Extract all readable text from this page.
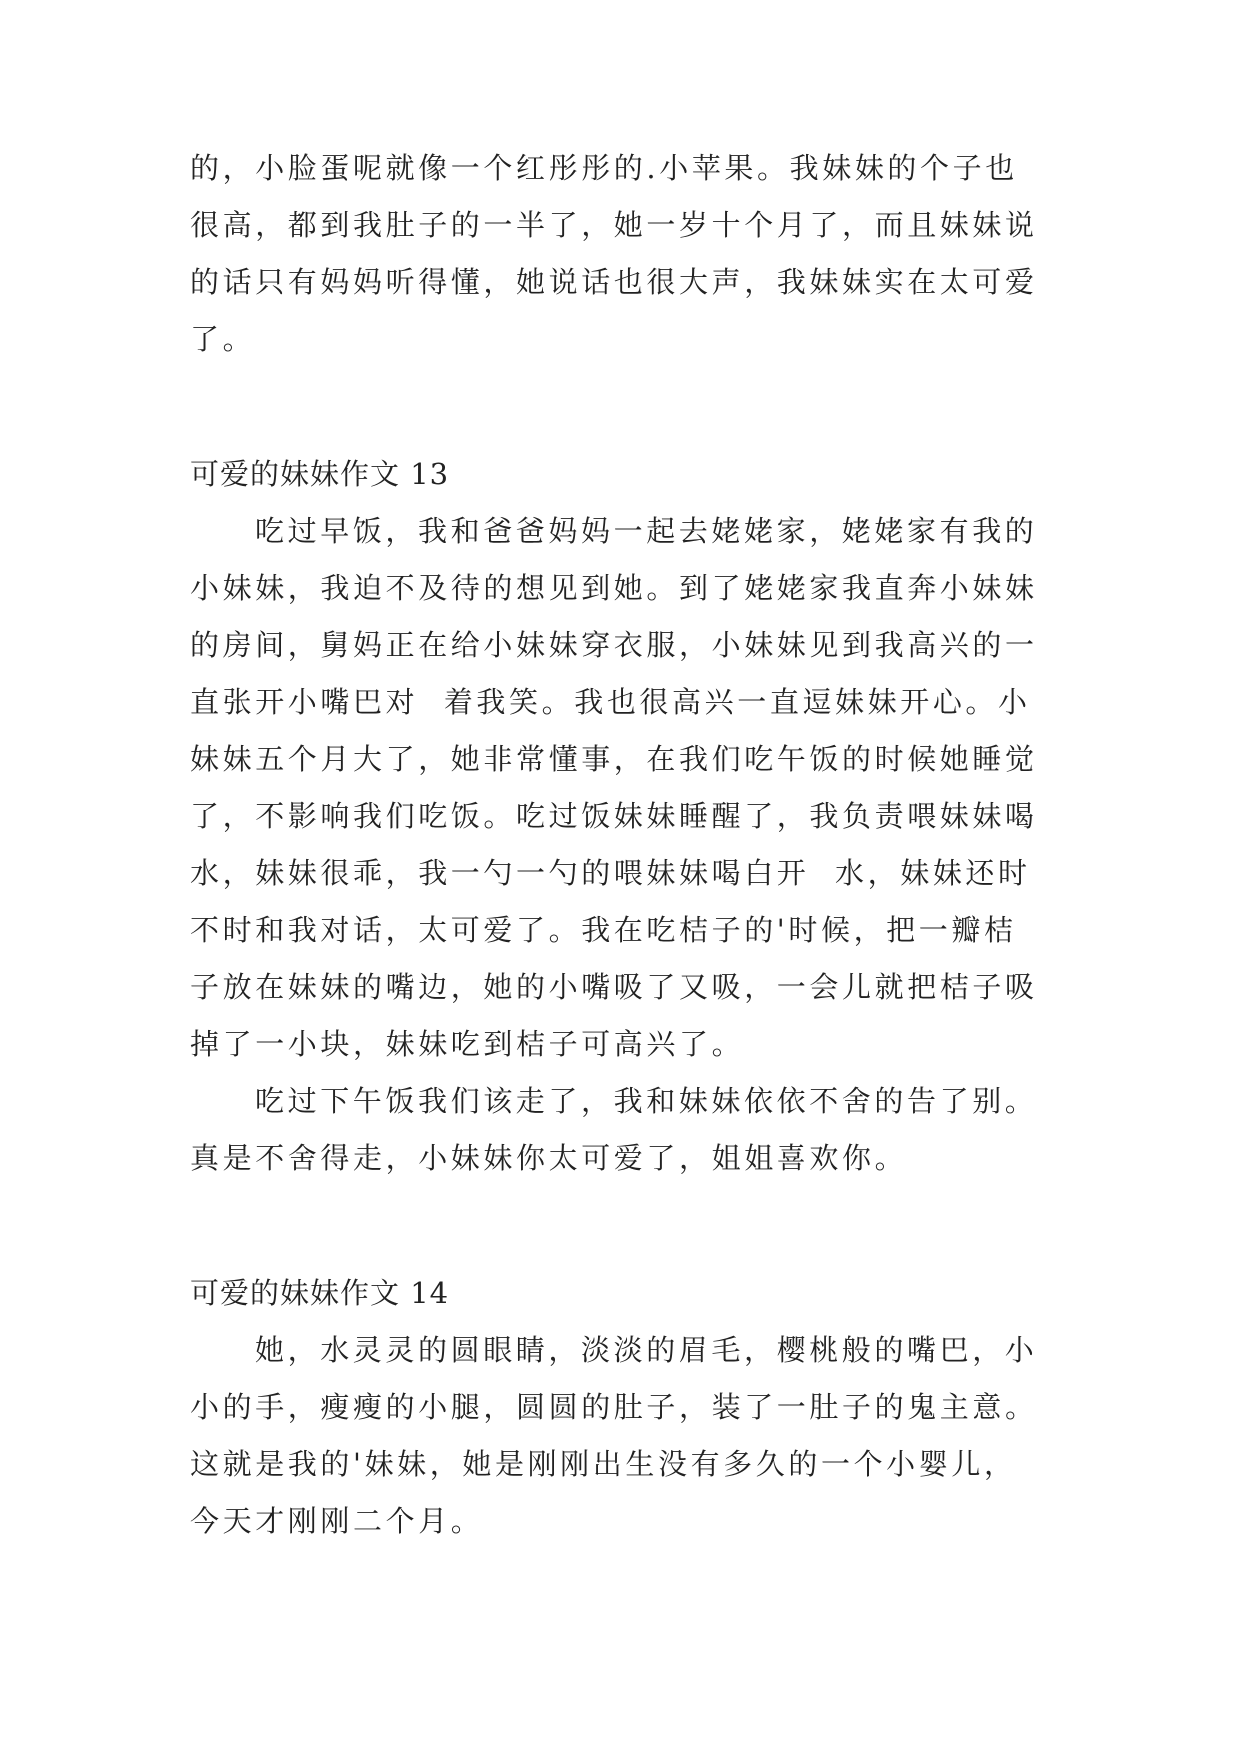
的，小脸蛋呢就像一个红彤彤的.小苹果。我妹妹的个子也
很高，都到我肚子的一半了，她一岁十个月了，而且妹妹说
的话只有妈妈听得懂，她说话也很大声，我妹妹实在太可爱
了。
可爱的妹妹作文 13
吃过早饭，我和爸爸妈妈一起去姥姥家，姥姥家有我的
小妹妹，我迫不及待的想见到她。到了姥姥家我直奔小妹妹
的房间，舅妈正在给小妹妹穿衣服，小妹妹见到我高兴的一
直张开小嘴巴对  着我笑。我也很高兴一直逗妹妹开心。小
妹妹五个月大了，她非常懂事，在我们吃午饭的时候她睡觉
了，不影响我们吃饭。吃过饭妹妹睡醒了，我负责喂妹妹喝
水，妹妹很乖，我一勺一勺的喂妹妹喝白开  水，妹妹还时
不时和我对话，太可爱了。我在吃桔子的'时候，把一瓣桔
子放在妹妹的嘴边，她的小嘴吸了又吸，一会儿就把桔子吸
掉了一小块，妹妹吃到桔子可高兴了。
吃过下午饭我们该走了，我和妹妹依依不舍的告了别。
真是不舍得走，小妹妹你太可爱了，姐姐喜欢你。
可爱的妹妹作文 14
她，水灵灵的圆眼睛，淡淡的眉毛，樱桃般的嘴巴，小
小的手，瘦瘦的小腿，圆圆的肚子，装了一肚子的鬼主意。
这就是我的'妹妹，她是刚刚出生没有多久的一个小婴儿，
今天才刚刚二个月。
